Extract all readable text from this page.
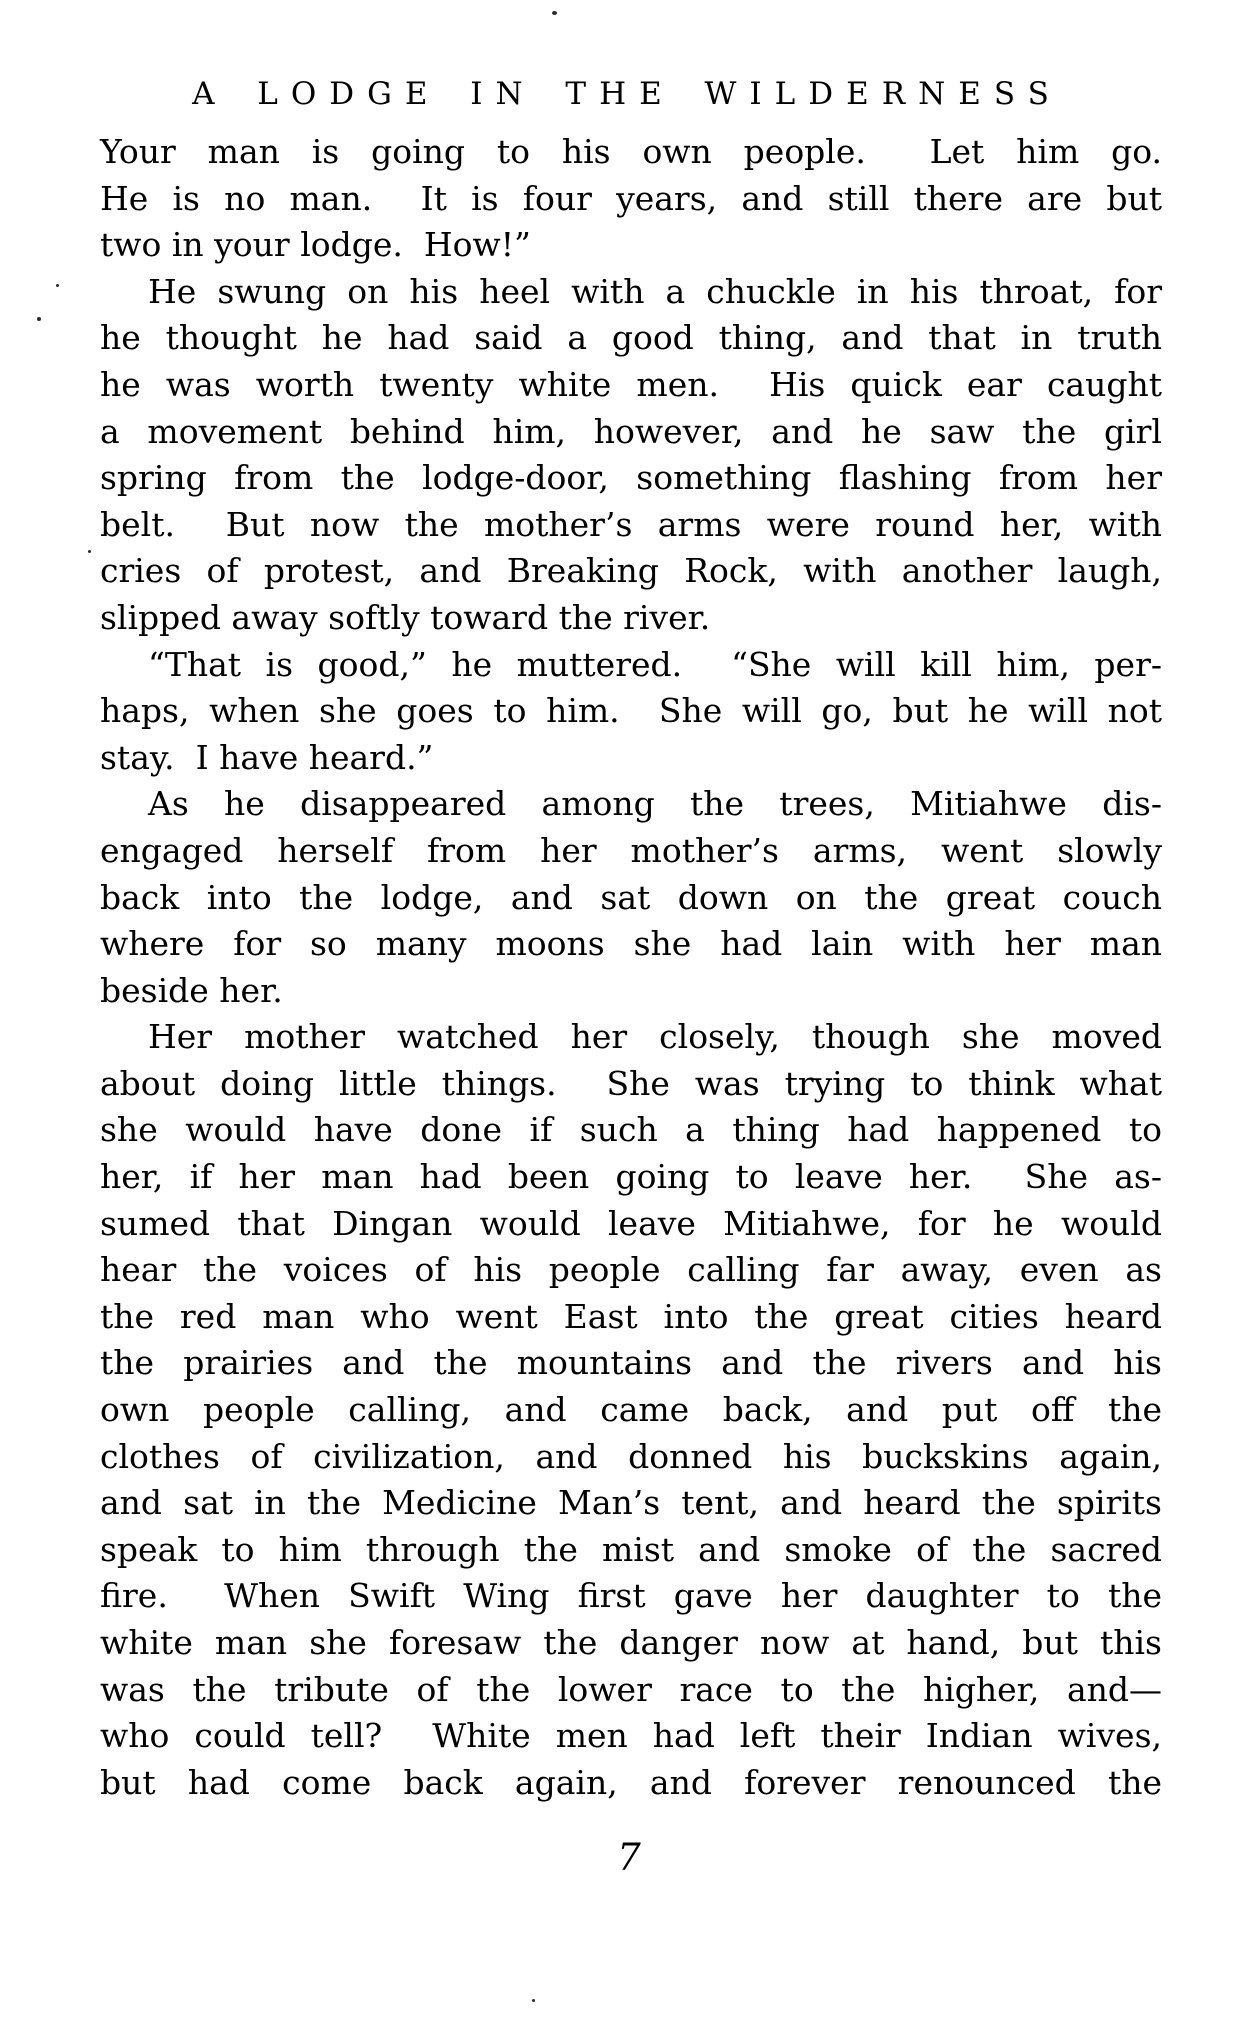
A LODGE IN THE WILDERNESS
Your man is going to his own people.  Let him go.
He is no man.  It is four years, and still there are but
two in your lodge.  How!”
He swung on his heel with a chuckle in his throat, for
he thought he had said a good thing, and that in truth
he was worth twenty white men.  His quick ear caught
a movement behind him, however, and he saw the girl
spring from the lodge-door, something flashing from her
belt.  But now the mother’s arms were round her, with
cries of protest, and Breaking Rock, with another laugh,
slipped away softly toward the river.
“That is good,” he muttered.  “She will kill him, per-
haps, when she goes to him.  She will go, but he will not
stay.  I have heard.”
As he disappeared among the trees, Mitiahwe dis-
engaged herself from her mother’s arms, went slowly
back into the lodge, and sat down on the great couch
where for so many moons she had lain with her man
beside her.
Her mother watched her closely, though she moved
about doing little things.  She was trying to think what
she would have done if such a thing had happened to
her, if her man had been going to leave her.  She as-
sumed that Dingan would leave Mitiahwe, for he would
hear the voices of his people calling far away, even as
the red man who went East into the great cities heard
the prairies and the mountains and the rivers and his
own people calling, and came back, and put off the
clothes of civilization, and donned his buckskins again,
and sat in the Medicine Man’s tent, and heard the spirits
speak to him through the mist and smoke of the sacred
fire.  When Swift Wing first gave her daughter to the
white man she foresaw the danger now at hand, but this
was the tribute of the lower race to the higher, and—
who could tell?  White men had left their Indian wives,
but had come back again, and forever renounced the
7
